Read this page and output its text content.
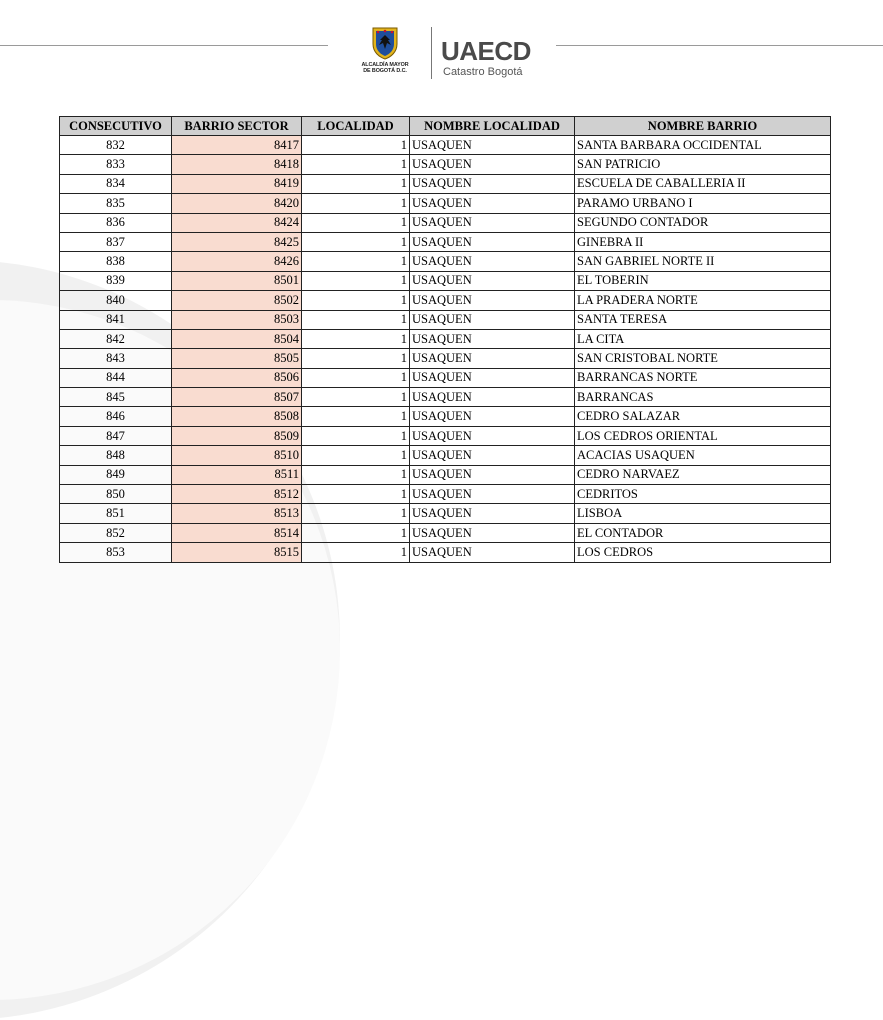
ALCALDÍA MAYOR
DE BOGOTÁ D.C.
UAECD
Catastro Bogotá
CONSECUTIVO	BARRIO SECTOR	LOCALIDAD	NOMBRE LOCALIDAD	NOMBRE BARRIO
832	8417	1	USAQUEN	SANTA BARBARA OCCIDENTAL
833	8418	1	USAQUEN	SAN PATRICIO
834	8419	1	USAQUEN	ESCUELA DE CABALLERIA II
835	8420	1	USAQUEN	PARAMO URBANO I
836	8424	1	USAQUEN	SEGUNDO CONTADOR
837	8425	1	USAQUEN	GINEBRA II
838	8426	1	USAQUEN	SAN GABRIEL NORTE II
839	8501	1	USAQUEN	EL TOBERIN
840	8502	1	USAQUEN	LA PRADERA NORTE
841	8503	1	USAQUEN	SANTA TERESA
842	8504	1	USAQUEN	LA CITA
843	8505	1	USAQUEN	SAN CRISTOBAL NORTE
844	8506	1	USAQUEN	BARRANCAS NORTE
845	8507	1	USAQUEN	BARRANCAS
846	8508	1	USAQUEN	CEDRO SALAZAR
847	8509	1	USAQUEN	LOS CEDROS ORIENTAL
848	8510	1	USAQUEN	ACACIAS USAQUEN
849	8511	1	USAQUEN	CEDRO NARVAEZ
850	8512	1	USAQUEN	CEDRITOS
851	8513	1	USAQUEN	LISBOA
852	8514	1	USAQUEN	EL CONTADOR
853	8515	1	USAQUEN	LOS CEDROS
